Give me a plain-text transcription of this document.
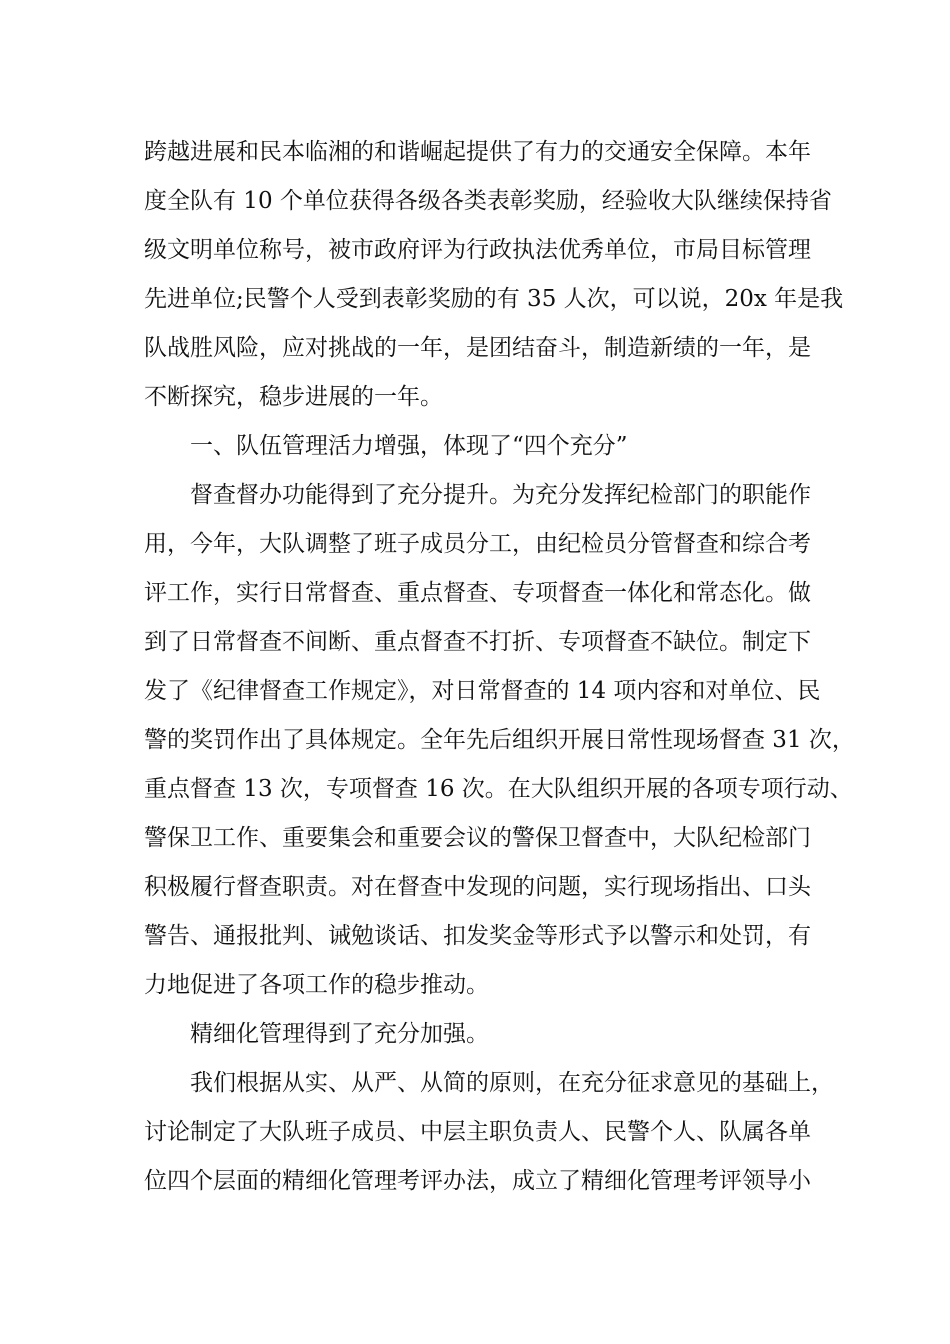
跨越进展和民本临湘的和谐崛起提供了有力的交通安全保障。本年
度全队有 10 个单位获得各级各类表彰奖励，经验收大队继续保持省
级文明单位称号，被市政府评为行政执法优秀单位，市局目标管理
先进单位;民警个人受到表彰奖励的有 35 人次，可以说，20x 年是我
队战胜风险，应对挑战的一年，是团结奋斗，制造新绩的一年，是
不断探究，稳步进展的一年。
一、队伍管理活力增强，体现了“四个充分”
督查督办功能得到了充分提升。为充分发挥纪检部门的职能作
用，今年，大队调整了班子成员分工，由纪检员分管督查和综合考
评工作，实行日常督查、重点督查、专项督查一体化和常态化。做
到了日常督查不间断、重点督查不打折、专项督查不缺位。制定下
发了《纪律督查工作规定》，对日常督查的 14 项内容和对单位、民
警的奖罚作出了具体规定。全年先后组织开展日常性现场督查 31 次，
重点督查 13 次，专项督查 16 次。在大队组织开展的各项专项行动、
警保卫工作、重要集会和重要会议的警保卫督查中，大队纪检部门
积极履行督查职责。对在督查中发现的问题，实行现场指出、口头
警告、通报批判、诫勉谈话、扣发奖金等形式予以警示和处罚，有
力地促进了各项工作的稳步推动。
精细化管理得到了充分加强。
我们根据从实、从严、从简的原则，在充分征求意见的基础上，
讨论制定了大队班子成员、中层主职负责人、民警个人、队属各单
位四个层面的精细化管理考评办法，成立了精细化管理考评领导小
